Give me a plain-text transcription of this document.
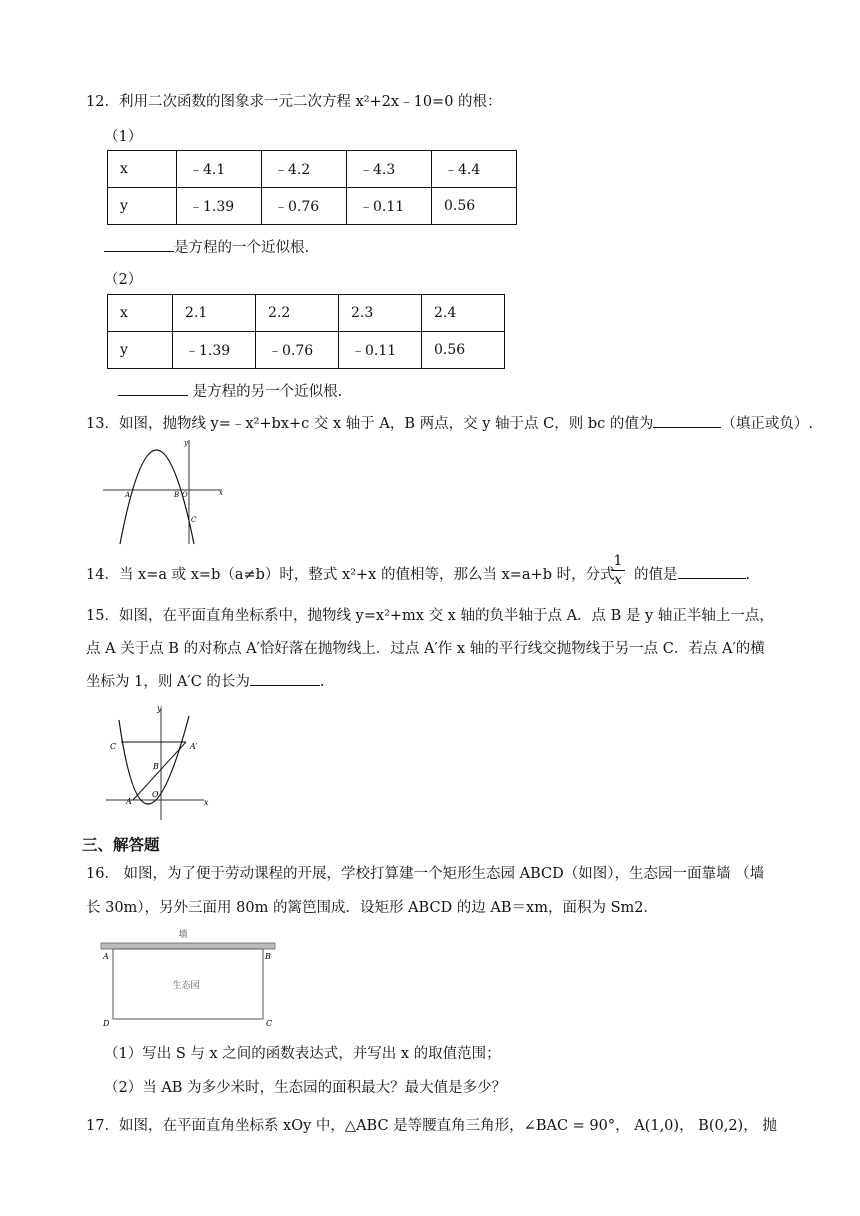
12．利用二次函数的图象求一元二次方程 x²+2x﹣10=0 的根：
（1）
x	﹣4.1	﹣4.2	﹣4.3	﹣4.4
y	﹣1.39	﹣0.76	﹣0.11	0.56
是方程的一个近似根.
（2）
x	2.1	2.2	2.3	2.4
y	﹣1.39	﹣0.76	﹣0.11	0.56
是方程的另一个近似根.
13．如图，抛物线 y=﹣x²+bx+c 交 x 轴于 A，B 两点，交 y 轴于点 C，则 bc 的值为	（填正或负）.
A	B O
C
x
y
14．当 x=a 或 x=b（a≠b）时，整式 x²+x 的值相等，那么当 x=a+b 时，分式
$\frac{1}{x}$ 的值是	.
15．如图，在平面直角坐标系中，抛物线 y=x²+mx 交 x 轴的负半轴于点 A．点 B 是 y 轴正半轴上一点，
点 A 关于点 B 的对称点 A′恰好落在抛物线上．过点 A′作 x 轴的平行线交抛物线于另一点 C．若点 A′的横
坐标为 1，则 A′C 的长为	.
C	A′
B
A
O
x
y
三、解答题
16． 如图，为了便于劳动课程的开展，学校打算建一个矩形生态园 ABCD（如图），生态园一面靠墙 （墙
长 30m），另外三面用 80m 的篱笆围成．设矩形 ABCD 的边 AB＝xm，面积为 Sm2．
墙
生态园
A	B
D	C
（1）写出 S 与 x 之间的函数表达式，并写出 x 的取值范围；
（2）当 AB 为多少米时，生态园的面积最大？最大值是多少？
17．如图，在平面直角坐标系 xOy 中，△ABC 是等腰直角三角形，∠BAC = 90°， A(1,0)， B(0,2)， 抛
